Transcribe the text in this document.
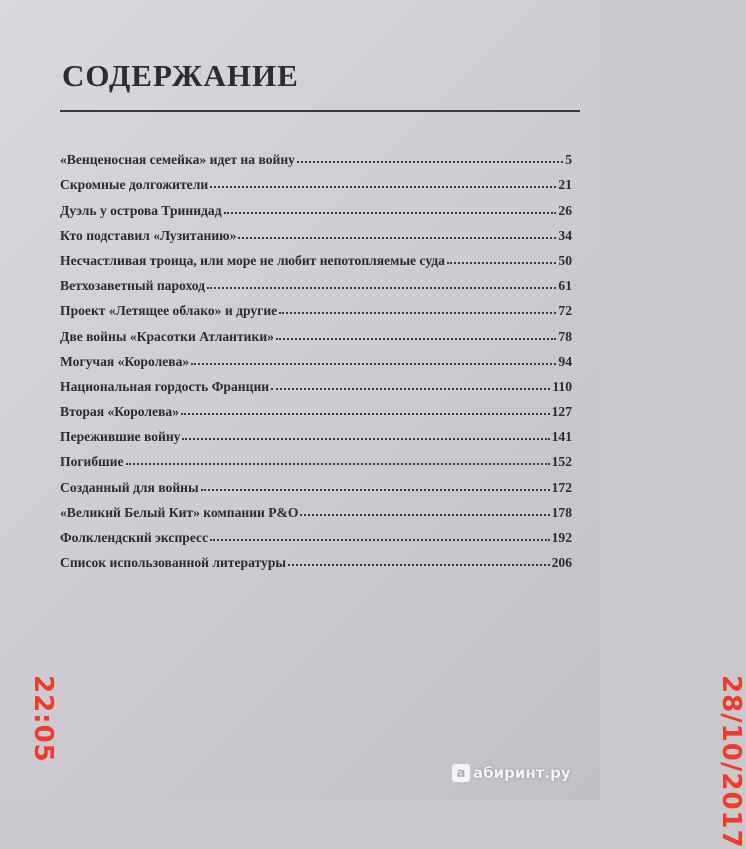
СОДЕРЖАНИЕ
«Венценосная семейка» идет на войну	5
Скромные долгожители	21
Дуэль у острова Тринидад	26
Кто подставил «Лузитанию»	34
Несчастливая троица, или море не любит непотопляемые суда	50
Ветхозаветный пароход	61
Проект «Летящее облако» и другие	72
Две войны «Красотки Атлантики»	78
Могучая «Королева»	94
Национальная гордость Франции	110
Вторая «Королева»	127
Пережившие войну	141
Погибшие	152
Созданный для войны	172
«Великий Белый Кит» компании P&O	178
Фолклендский экспресс	192
Список использованной литературы	206
28/10/2017
22:05
а абиринт.ру
